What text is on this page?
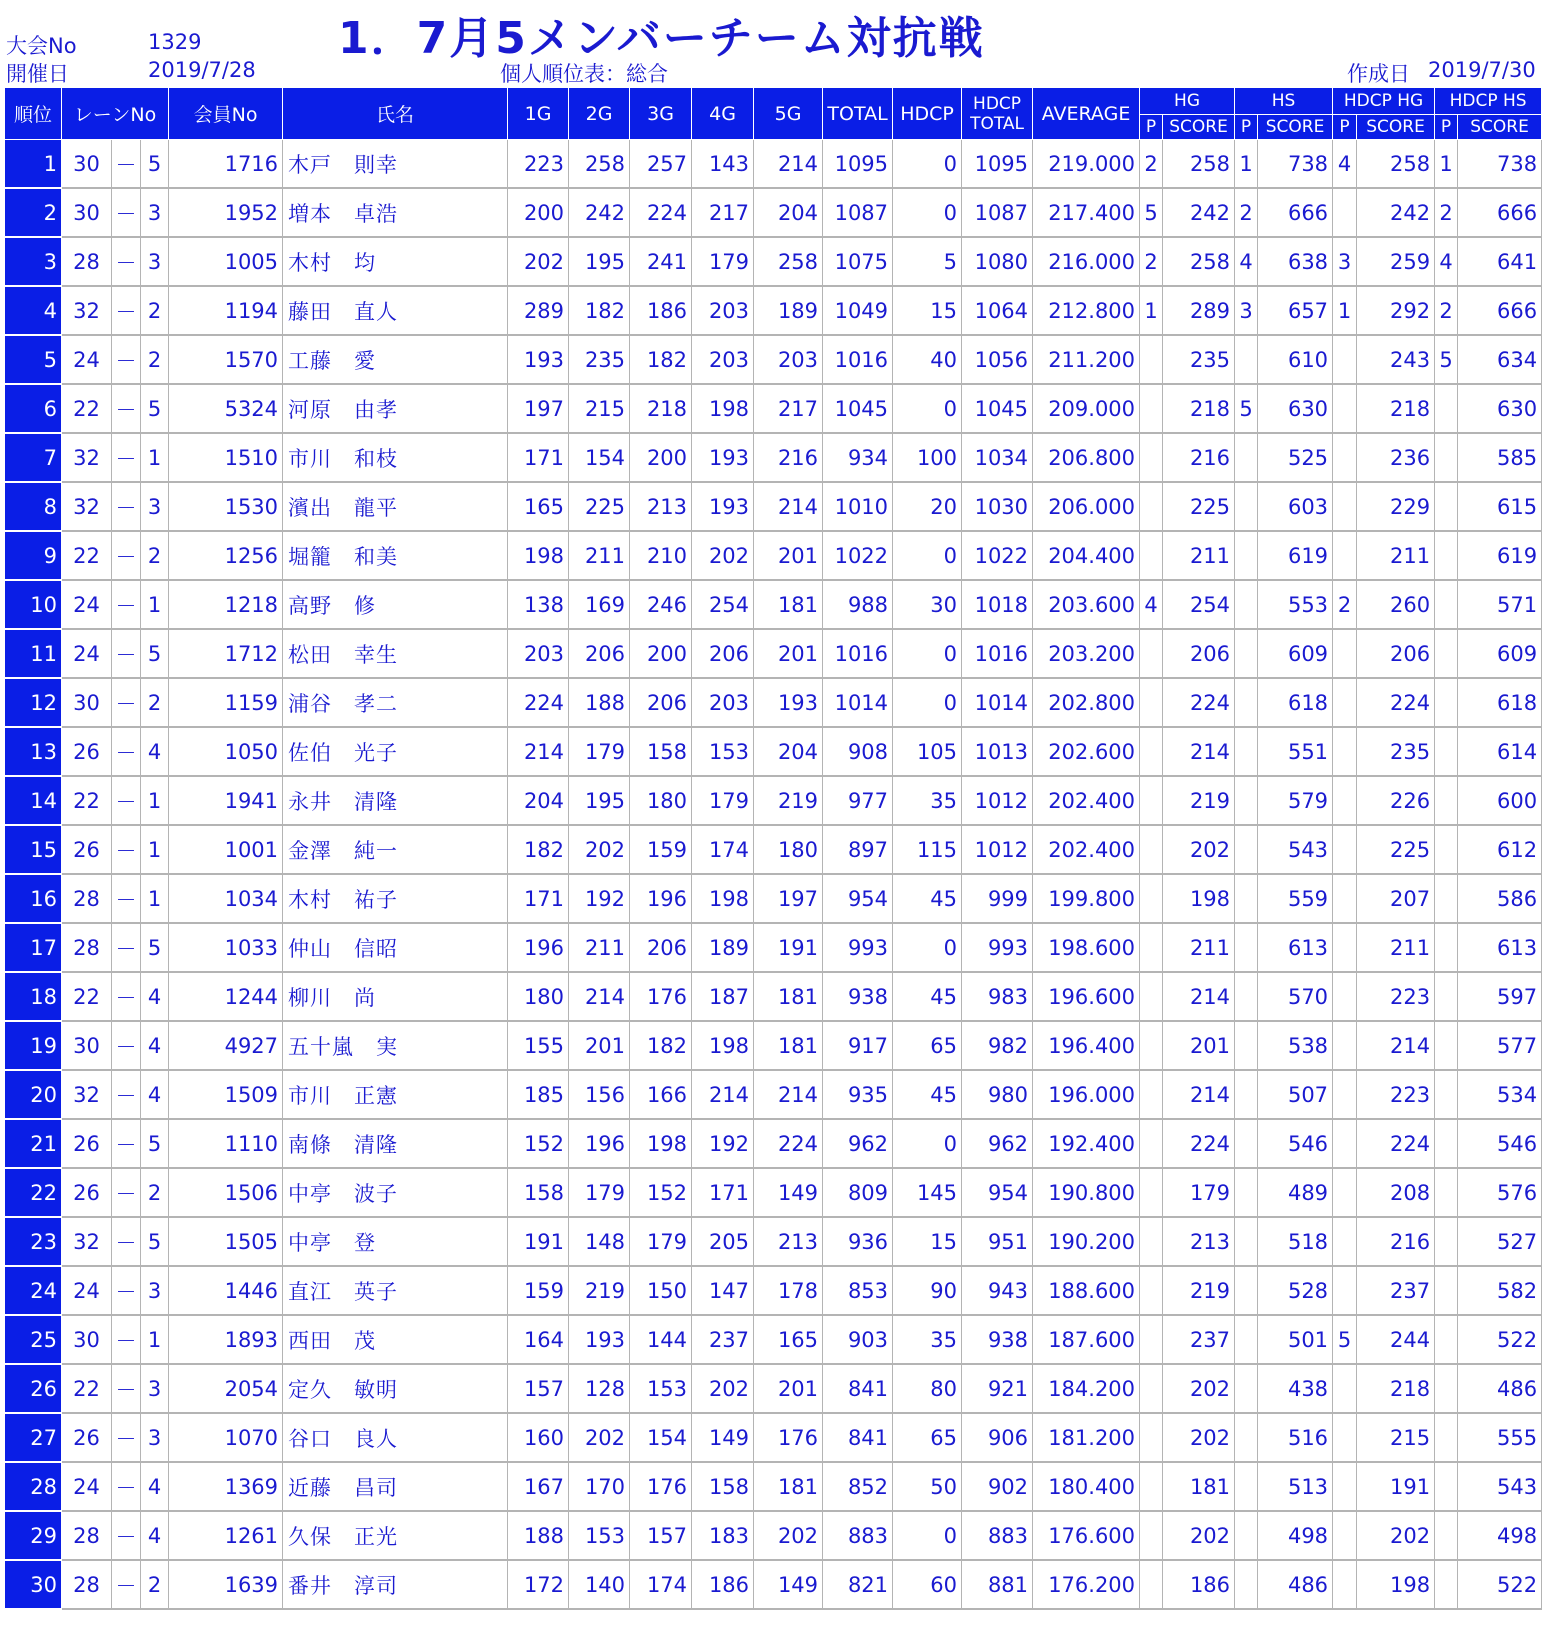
大会No	1329
開催日	2019/7/28
1．7月5メンバーチーム対抗戦
個人順位表：総合	作成日 2019/7/30
順位	レーンNo			会員No	氏名	1G	2G	3G	4G	5G	TOTAL	HDCP	HDCP
TOTAL	AVERAGE	HG		HS		HDCP HG		HDCP HS	
															P	SCORE	P	SCORE	P	SCORE	P	SCORE
1	30	－	5	1716	木戸　則幸	223	258	257	143	214	1095	0	1095	219.000	2	258	1	738	4	258	1	738
2	30	－	3	1952	増本　卓浩	200	242	224	217	204	1087	0	1087	217.400	5	242	2	666		242	2	666
3	28	－	3	1005	木村　均	202	195	241	179	258	1075	5	1080	216.000	2	258	4	638	3	259	4	641
4	32	－	2	1194	藤田　直人	289	182	186	203	189	1049	15	1064	212.800	1	289	3	657	1	292	2	666
5	24	－	2	1570	工藤　愛	193	235	182	203	203	1016	40	1056	211.200		235		610		243	5	634
6	22	－	5	5324	河原　由孝	197	215	218	198	217	1045	0	1045	209.000		218	5	630		218		630
7	32	－	1	1510	市川　和枝	171	154	200	193	216	934	100	1034	206.800		216		525		236		585
8	32	－	3	1530	濱出　龍平	165	225	213	193	214	1010	20	1030	206.000		225		603		229		615
9	22	－	2	1256	堀籠　和美	198	211	210	202	201	1022	0	1022	204.400		211		619		211		619
10	24	－	1	1218	高野　修	138	169	246	254	181	988	30	1018	203.600	4	254		553	2	260		571
11	24	－	5	1712	松田　幸生	203	206	200	206	201	1016	0	1016	203.200		206		609		206		609
12	30	－	2	1159	浦谷　孝二	224	188	206	203	193	1014	0	1014	202.800		224		618		224		618
13	26	－	4	1050	佐伯　光子	214	179	158	153	204	908	105	1013	202.600		214		551		235		614
14	22	－	1	1941	永井　清隆	204	195	180	179	219	977	35	1012	202.400		219		579		226		600
15	26	－	1	1001	金澤　純一	182	202	159	174	180	897	115	1012	202.400		202		543		225		612
16	28	－	1	1034	木村　祐子	171	192	196	198	197	954	45	999	199.800		198		559		207		586
17	28	－	5	1033	仲山　信昭	196	211	206	189	191	993	0	993	198.600		211		613		211		613
18	22	－	4	1244	柳川　尚	180	214	176	187	181	938	45	983	196.600		214		570		223		597
19	30	－	4	4927	五十嵐　実	155	201	182	198	181	917	65	982	196.400		201		538		214		577
20	32	－	4	1509	市川　正憲	185	156	166	214	214	935	45	980	196.000		214		507		223		534
21	26	－	5	1110	南條　清隆	152	196	198	192	224	962	0	962	192.400		224		546		224		546
22	26	－	2	1506	中亭　波子	158	179	152	171	149	809	145	954	190.800		179		489		208		576
23	32	－	5	1505	中亭　登	191	148	179	205	213	936	15	951	190.200		213		518		216		527
24	24	－	3	1446	直江　英子	159	219	150	147	178	853	90	943	188.600		219		528		237		582
25	30	－	1	1893	西田　茂	164	193	144	237	165	903	35	938	187.600		237		501	5	244		522
26	22	－	3	2054	定久　敏明	157	128	153	202	201	841	80	921	184.200		202		438		218		486
27	26	－	3	1070	谷口　良人	160	202	154	149	176	841	65	906	181.200		202		516		215		555
28	24	－	4	1369	近藤　昌司	167	170	176	158	181	852	50	902	180.400		181		513		191		543
29	28	－	4	1261	久保　正光	188	153	157	183	202	883	0	883	176.600		202		498		202		498
30	28	－	2	1639	番井　淳司	172	140	174	186	149	821	60	881	176.200		186		486		198		522
